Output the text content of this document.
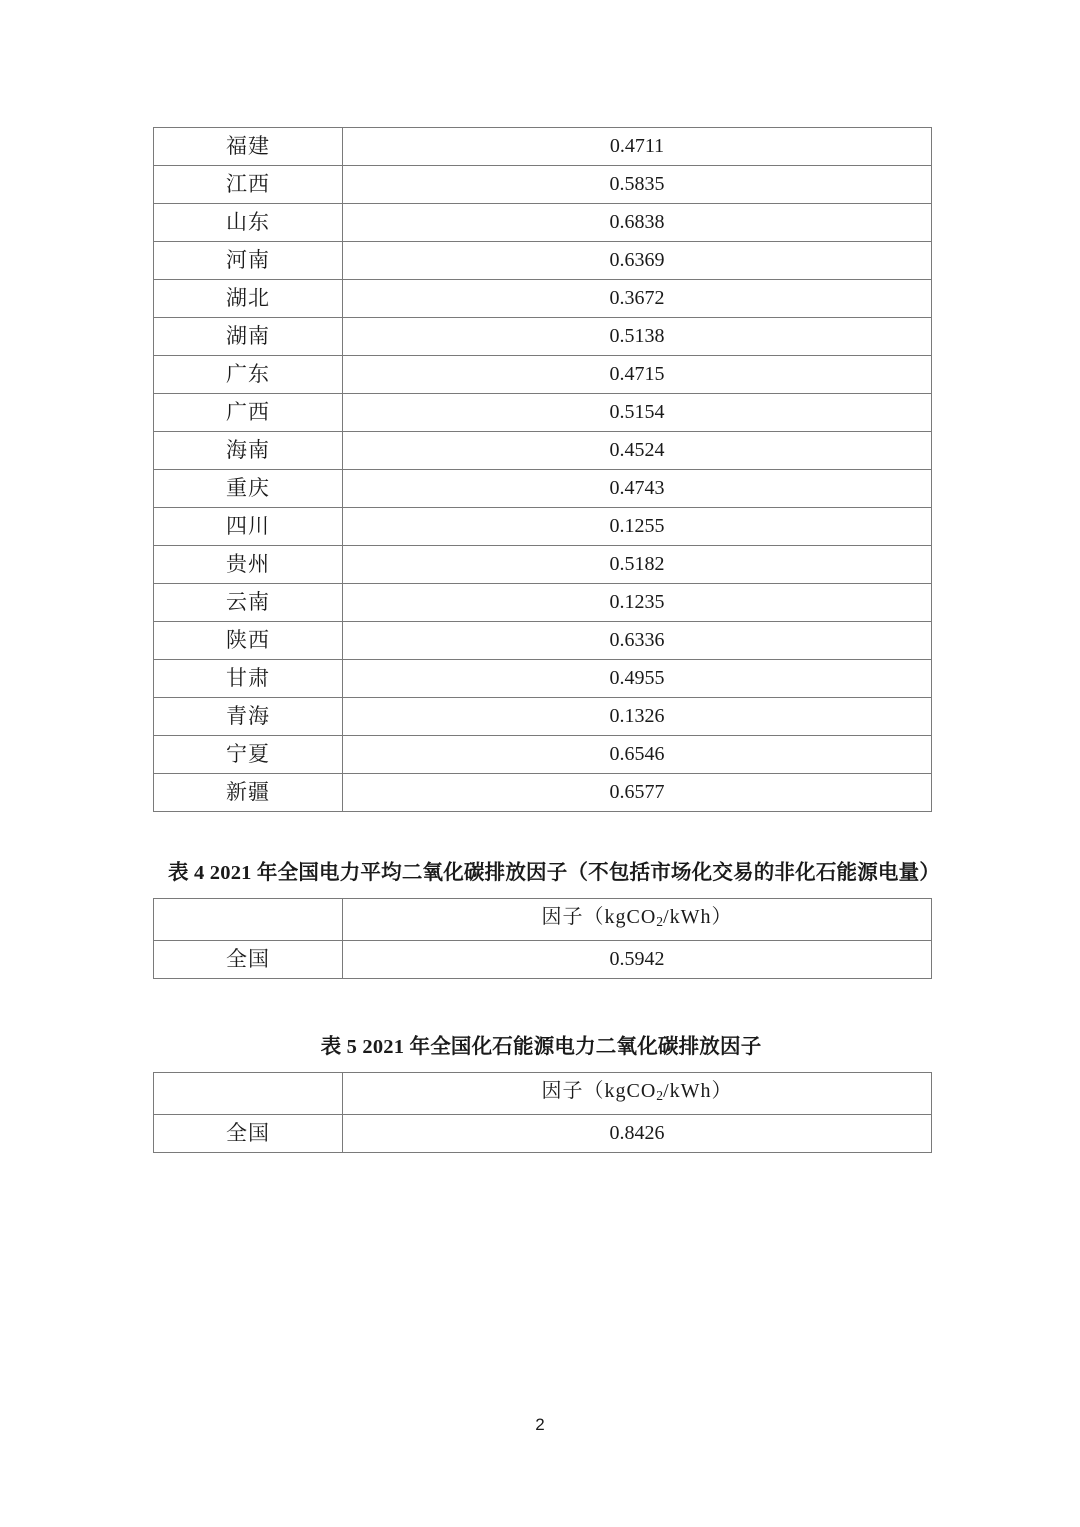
福建	0.4711
江西	0.5835
山东	0.6838
河南	0.6369
湖北	0.3672
湖南	0.5138
广东	0.4715
广西	0.5154
海南	0.4524
重庆	0.4743
四川	0.1255
贵州	0.5182
云南	0.1235
陕西	0.6336
甘肃	0.4955
青海	0.1326
宁夏	0.6546
新疆	0.6577
表 4 2021 年全国电力平均二氧化碳排放因子（不包括市场化交易的非化石能源电量）
	因子（kgCO$_2$/kWh）
全国	0.5942
表 5 2021 年全国化石能源电力二氧化碳排放因子
	因子（kgCO$_2$/kWh）
全国	0.8426
2
